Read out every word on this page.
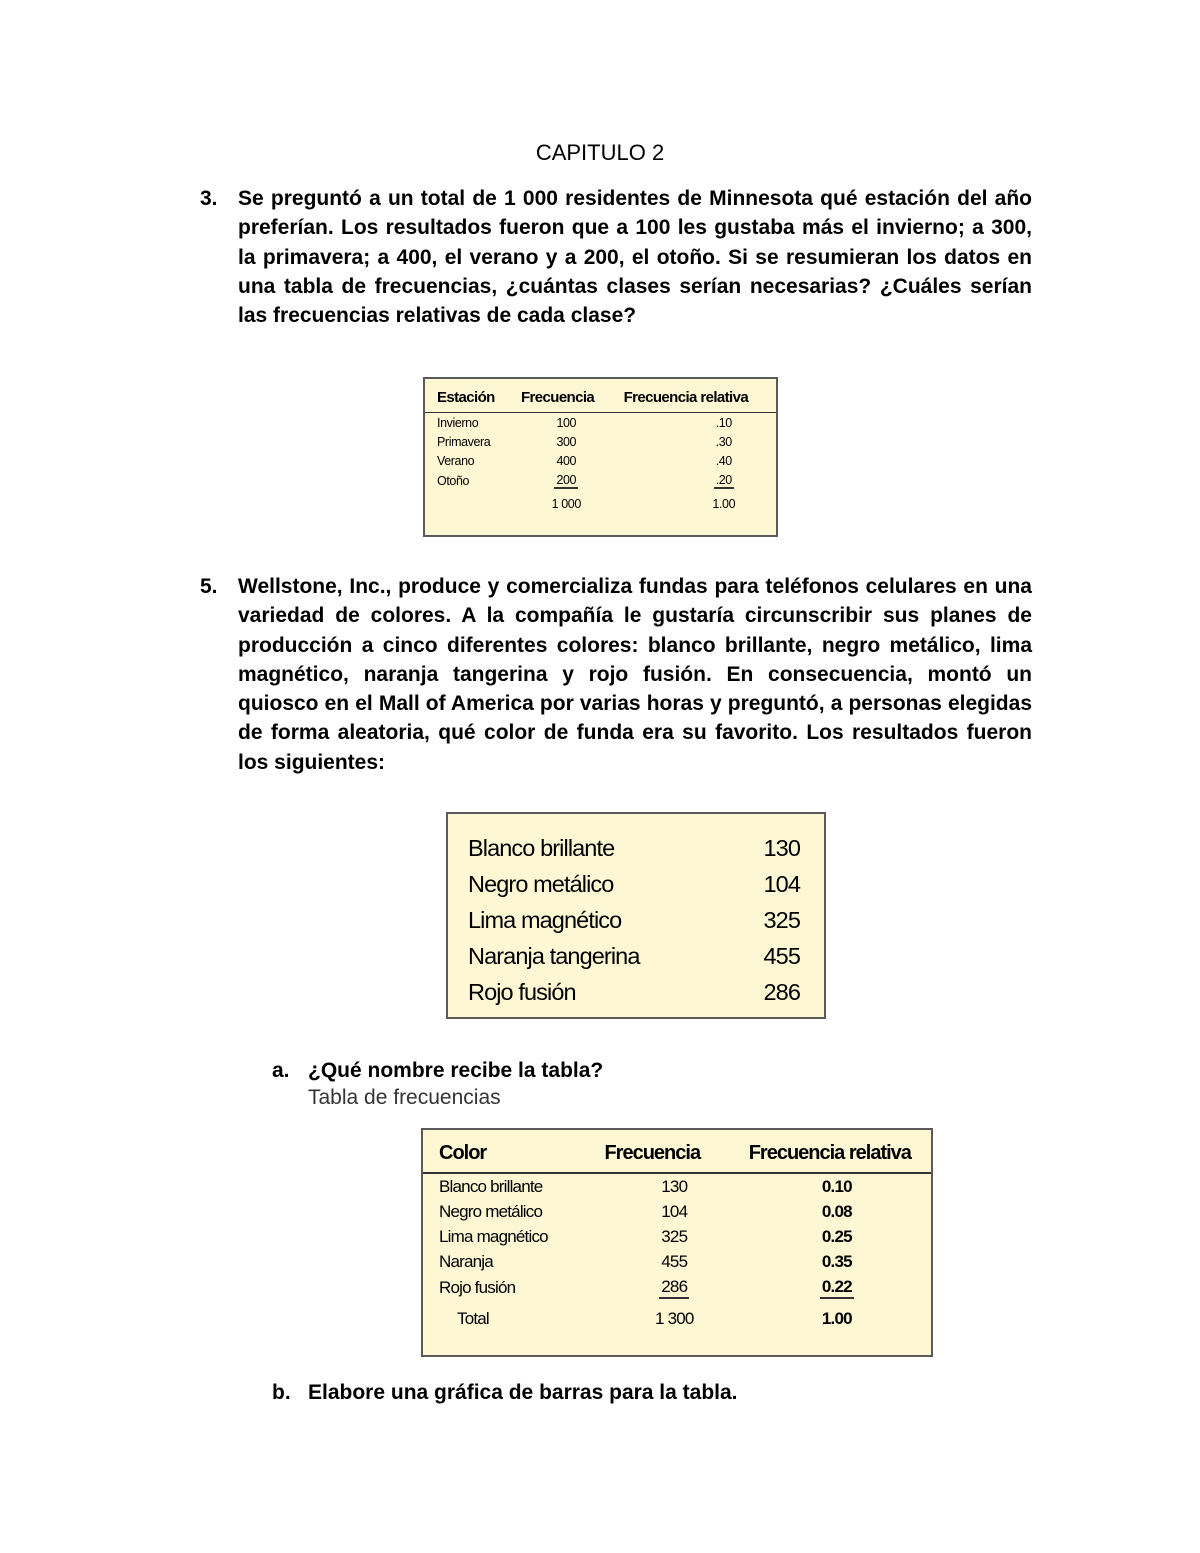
CAPITULO 2
3. Se preguntó a un total de 1 000 residentes de Minnesota qué estación del año preferían. Los resultados fueron que a 100 les gustaba más el invierno; a 300, la primavera; a 400, el verano y a 200, el otoño. Si se resumieran los datos en una tabla de frecuencias, ¿cuántas clases serían necesarias? ¿Cuáles serían las frecuencias relativas de cada clase?
Estación	Frecuencia	Frecuencia relativa
Invierno	100	.10
Primavera	300	.30
Verano	400	.40
Otoño	200	.20
	1 000	1.00
5. Wellstone, Inc., produce y comercializa fundas para teléfonos celulares en una variedad de colores. A la compañía le gustaría circunscribir sus planes de producción a cinco diferentes colores: blanco brillante, negro metálico, lima magnético, naranja tangerina y rojo fusión. En consecuencia, montó un quiosco en el Mall of America por varias horas y preguntó, a personas elegidas de forma aleatoria, qué color de funda era su favorito. Los resultados fueron los siguientes:
Blanco brillante	130
Negro metálico	104
Lima magnético	325
Naranja tangerina	455
Rojo fusión	286
a. ¿Qué nombre recibe la tabla?
Tabla de frecuencias
Color	Frecuencia	Frecuencia relativa
Blanco brillante	130	0.10
Negro metálico	104	0.08
Lima magnético	325	0.25
Naranja	455	0.35
Rojo fusión	286	0.22
Total	1 300	1.00
b. Elabore una gráfica de barras para la tabla.
